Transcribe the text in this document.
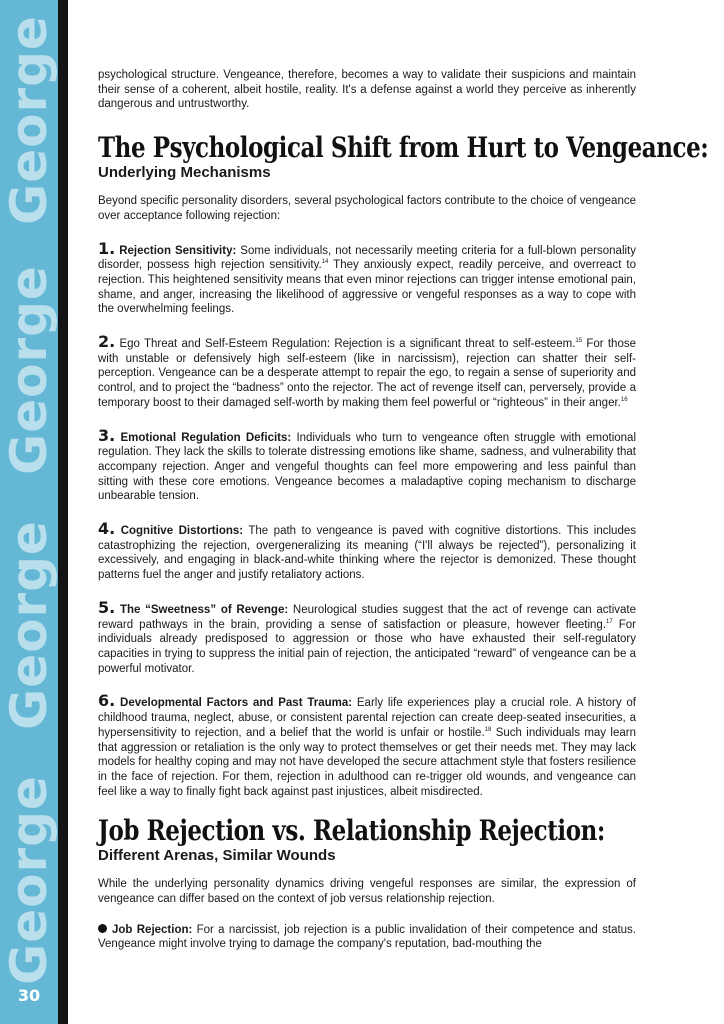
George
George
George
George
30

psychological structure. Vengeance, therefore, becomes a way to validate their suspicions and maintain their sense of a coherent, albeit hostile, reality. It's a defense against a world they perceive as inherently dangerous and untrustworthy.

The Psychological Shift from Hurt to Vengeance:
Underlying Mechanisms

Beyond specific personality disorders, several psychological factors contribute to the choice of vengeance over acceptance following rejection:

1. Rejection Sensitivity: Some individuals, not necessarily meeting criteria for a full-blown personality disorder, possess high rejection sensitivity.$^{14}$ They anxiously expect, readily perceive, and overreact to rejection. This heightened sensitivity means that even minor rejections can trigger intense emotional pain, shame, and anger, increasing the likelihood of aggressive or vengeful responses as a way to cope with the overwhelming feelings.

2. Ego Threat and Self-Esteem Regulation: Rejection is a significant threat to self-esteem.$^{15}$ For those with unstable or defensively high self-esteem (like in narcissism), rejection can shatter their self-perception. Vengeance can be a desperate attempt to repair the ego, to regain a sense of superiority and control, and to project the “badness” onto the rejector. The act of revenge itself can, perversely, provide a temporary boost to their damaged self-worth by making them feel powerful or “righteous” in their anger.$^{16}$

3. Emotional Regulation Deficits: Individuals who turn to vengeance often struggle with emotional regulation. They lack the skills to tolerate distressing emotions like shame, sadness, and vulnerability that accompany rejection. Anger and vengeful thoughts can feel more empowering and less painful than sitting with these core emotions. Vengeance becomes a maladaptive coping mechanism to discharge unbearable tension.

4. Cognitive Distortions: The path to vengeance is paved with cognitive distortions. This includes catastrophizing the rejection, overgeneralizing its meaning (“I'll always be rejected”), personalizing it excessively, and engaging in black-and-white thinking where the rejector is demonized. These thought patterns fuel the anger and justify retaliatory actions.

5. The “Sweetness” of Revenge: Neurological studies suggest that the act of revenge can activate reward pathways in the brain, providing a sense of satisfaction or pleasure, however fleeting.$^{17}$ For individuals already predisposed to aggression or those who have exhausted their self-regulatory capacities in trying to suppress the initial pain of rejection, the anticipated “reward” of vengeance can be a powerful motivator.

6. Developmental Factors and Past Trauma: Early life experiences play a crucial role. A history of childhood trauma, neglect, abuse, or consistent parental rejection can create deep-seated insecurities, a hypersensitivity to rejection, and a belief that the world is unfair or hostile.$^{18}$ Such individuals may learn that aggression or retaliation is the only way to protect themselves or get their needs met. They may lack models for healthy coping and may not have developed the secure attachment style that fosters resilience in the face of rejection. For them, rejection in adulthood can re-trigger old wounds, and vengeance can feel like a way to finally fight back against past injustices, albeit misdirected.

Job Rejection vs. Relationship Rejection:
Different Arenas, Similar Wounds

While the underlying personality dynamics driving vengeful responses are similar, the expression of vengeance can differ based on the context of job versus relationship rejection.

Job Rejection: For a narcissist, job rejection is a public invalidation of their competence and status. Vengeance might involve trying to damage the company's reputation, bad-mouthing the
